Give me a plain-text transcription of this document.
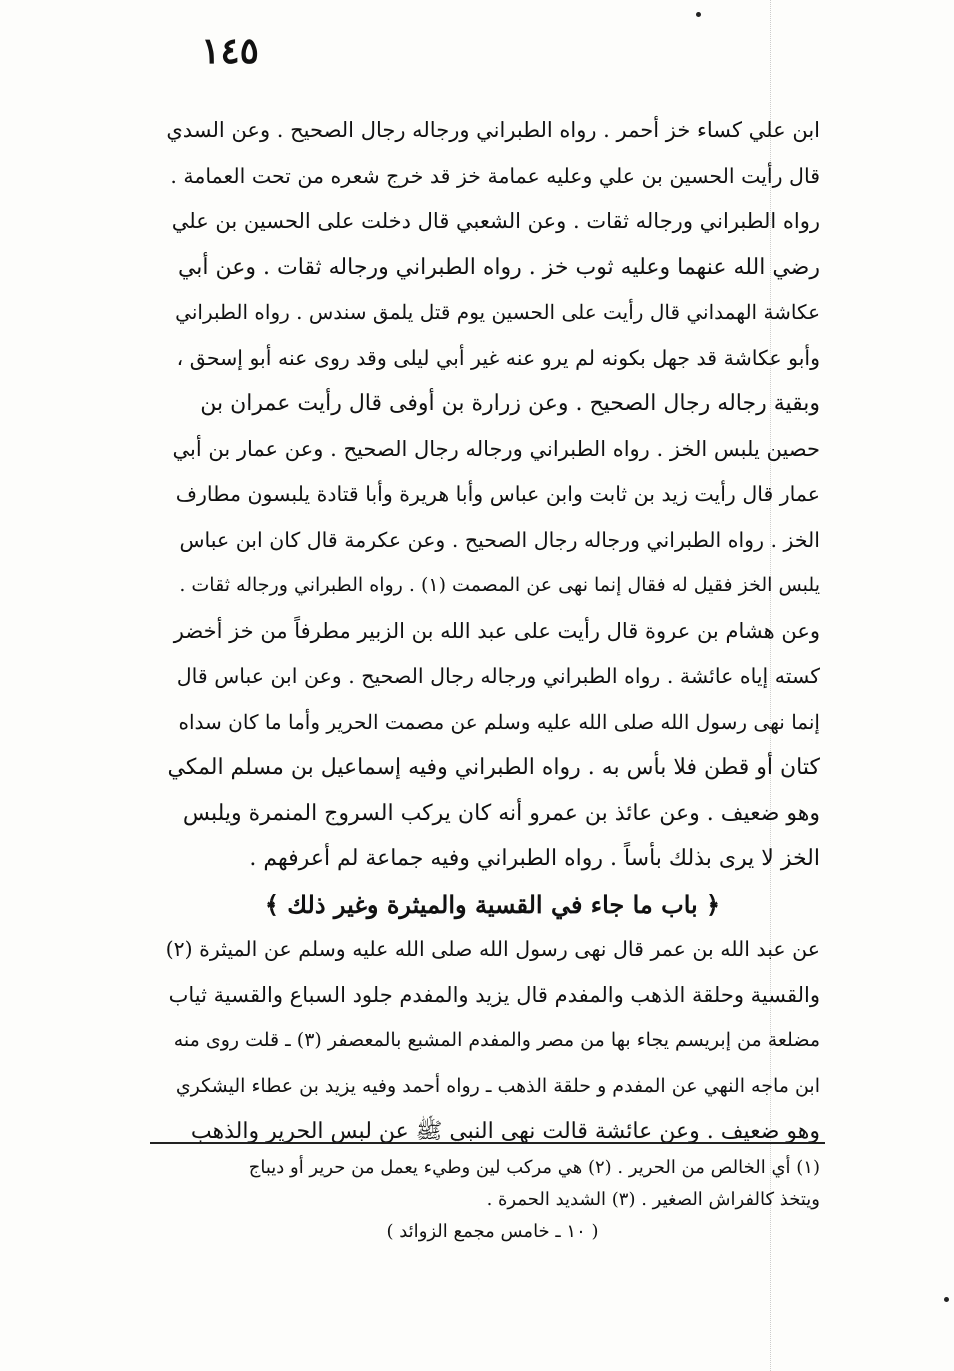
١٤٥
ابن علي كساء خز أحمر . رواه الطبراني ورجاله رجال الصحيح . وعن السدي
قال رأيت الحسين بن علي وعليه عمامة خز قد خرج شعره من تحت العمامة .
رواه الطبراني ورجاله ثقات . وعن الشعبي قال دخلت على الحسين بن علي
رضي الله عنهما وعليه ثوب خز . رواه الطبراني ورجاله ثقات . وعن أبي
عكاشة الهمداني قال رأيت على الحسين يوم قتل يلمق سندس . رواه الطبراني
وأبو عكاشة قد جهل بكونه لم يرو عنه غير أبي ليلى وقد روى عنه أبو إسحق ،
وبقية رجاله رجال الصحيح . وعن زرارة بن أوفى قال رأيت عمران بن
حصين يلبس الخز . رواه الطبراني ورجاله رجال الصحيح . وعن عمار بن أبي
عمار قال رأيت زيد بن ثابت وابن عباس وأبا هريرة وأبا قتادة يلبسون مطارف
الخز . رواه الطبراني ورجاله رجال الصحيح . وعن عكرمة قال كان ابن عباس
يلبس الخز فقيل له فقال إنما نهى عن المصمت (١) . رواه الطبراني ورجاله ثقات .
وعن هشام بن عروة قال رأيت على عبد الله بن الزبير مطرفاً من خز أخضر
كسته إياه عائشة . رواه الطبراني ورجاله رجال الصحيح . وعن ابن عباس قال
إنما نهى رسول الله صلى الله عليه وسلم عن مصمت الحرير وأما ما كان سداه
كتان أو قطن فلا بأس به . رواه الطبراني وفيه إسماعيل بن مسلم المكي
وهو ضعيف . وعن عائذ بن عمرو أنه كان يركب السروج المنمرة ويلبس
الخز لا يرى بذلك بأساً . رواه الطبراني وفيه جماعة لم أعرفهم .
﴿ باب ما جاء في القسية والميثرة وغير ذلك ﴾
عن عبد الله بن عمر قال نهى رسول الله صلى الله عليه وسلم عن الميثرة (٢)
والقسية وحلقة الذهب والمفدم قال يزيد والمفدم جلود السباع والقسية ثياب
مضلعة من إبريسم يجاء بها من مصر والمفدم المشبع بالمعصفر (٣) ـ قلت روى منه
ابن ماجه النهي عن المفدم و حلقة الذهب ـ رواه أحمد وفيه يزيد بن عطاء اليشكري
وهو ضعيف . وعن عائشة قالت نهى النبي ﷺ عن لبس الحرير والذهب
(١) أي الخالص من الحرير . (٢) هي مركب لين وطيء يعمل من حرير أو ديباج
ويتخذ كالفراش الصغير . (٣) الشديد الحمرة .
( ١٠ ـ خامس مجمع الزوائد )
